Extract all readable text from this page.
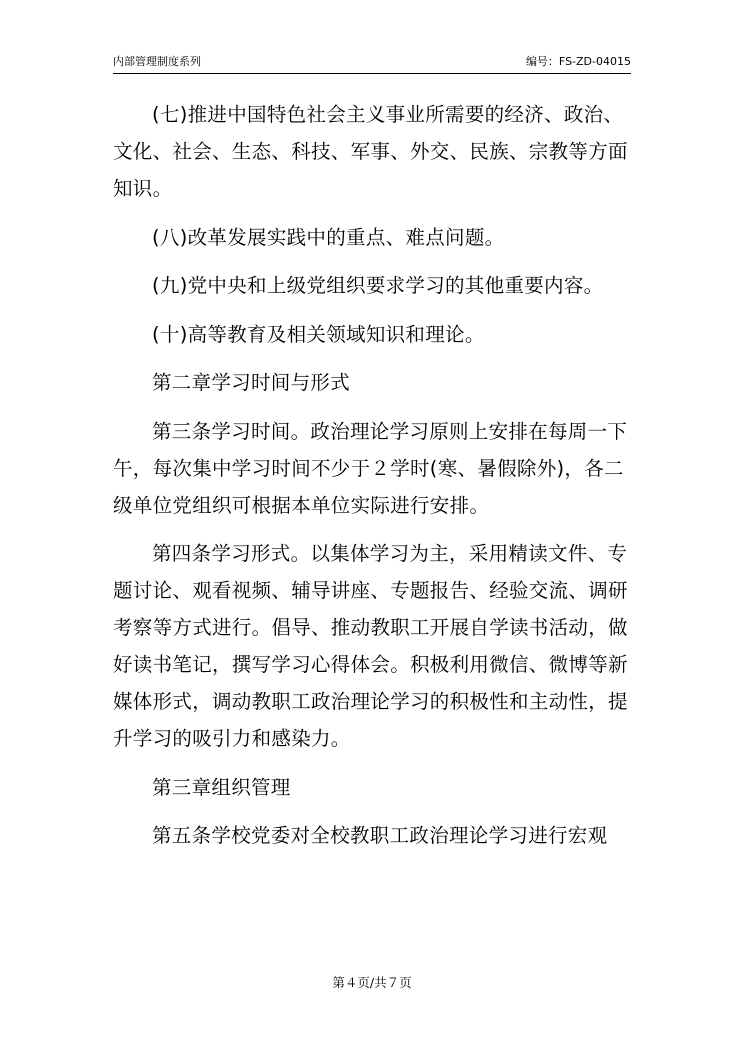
内部管理制度系列	编号：FS-ZD-04015

(七)推进中国特色社会主义事业所需要的经济、政治、文化、社会、生态、科技、军事、外交、民族、宗教等方面知识。

(八)改革发展实践中的重点、难点问题。

(九)党中央和上级党组织要求学习的其他重要内容。

(十)高等教育及相关领域知识和理论。

第二章学习时间与形式

第三条学习时间。政治理论学习原则上安排在每周一下午，每次集中学习时间不少于２学时(寒、暑假除外)，各二级单位党组织可根据本单位实际进行安排。

第四条学习形式。以集体学习为主，采用精读文件、专题讨论、观看视频、辅导讲座、专题报告、经验交流、调研考察等方式进行。倡导、推动教职工开展自学读书活动，做好读书笔记，撰写学习心得体会。积极利用微信、微博等新媒体形式，调动教职工政治理论学习的积极性和主动性，提升学习的吸引力和感染力。

第三章组织管理

第五条学校党委对全校教职工政治理论学习进行宏观

第４页/共７页
